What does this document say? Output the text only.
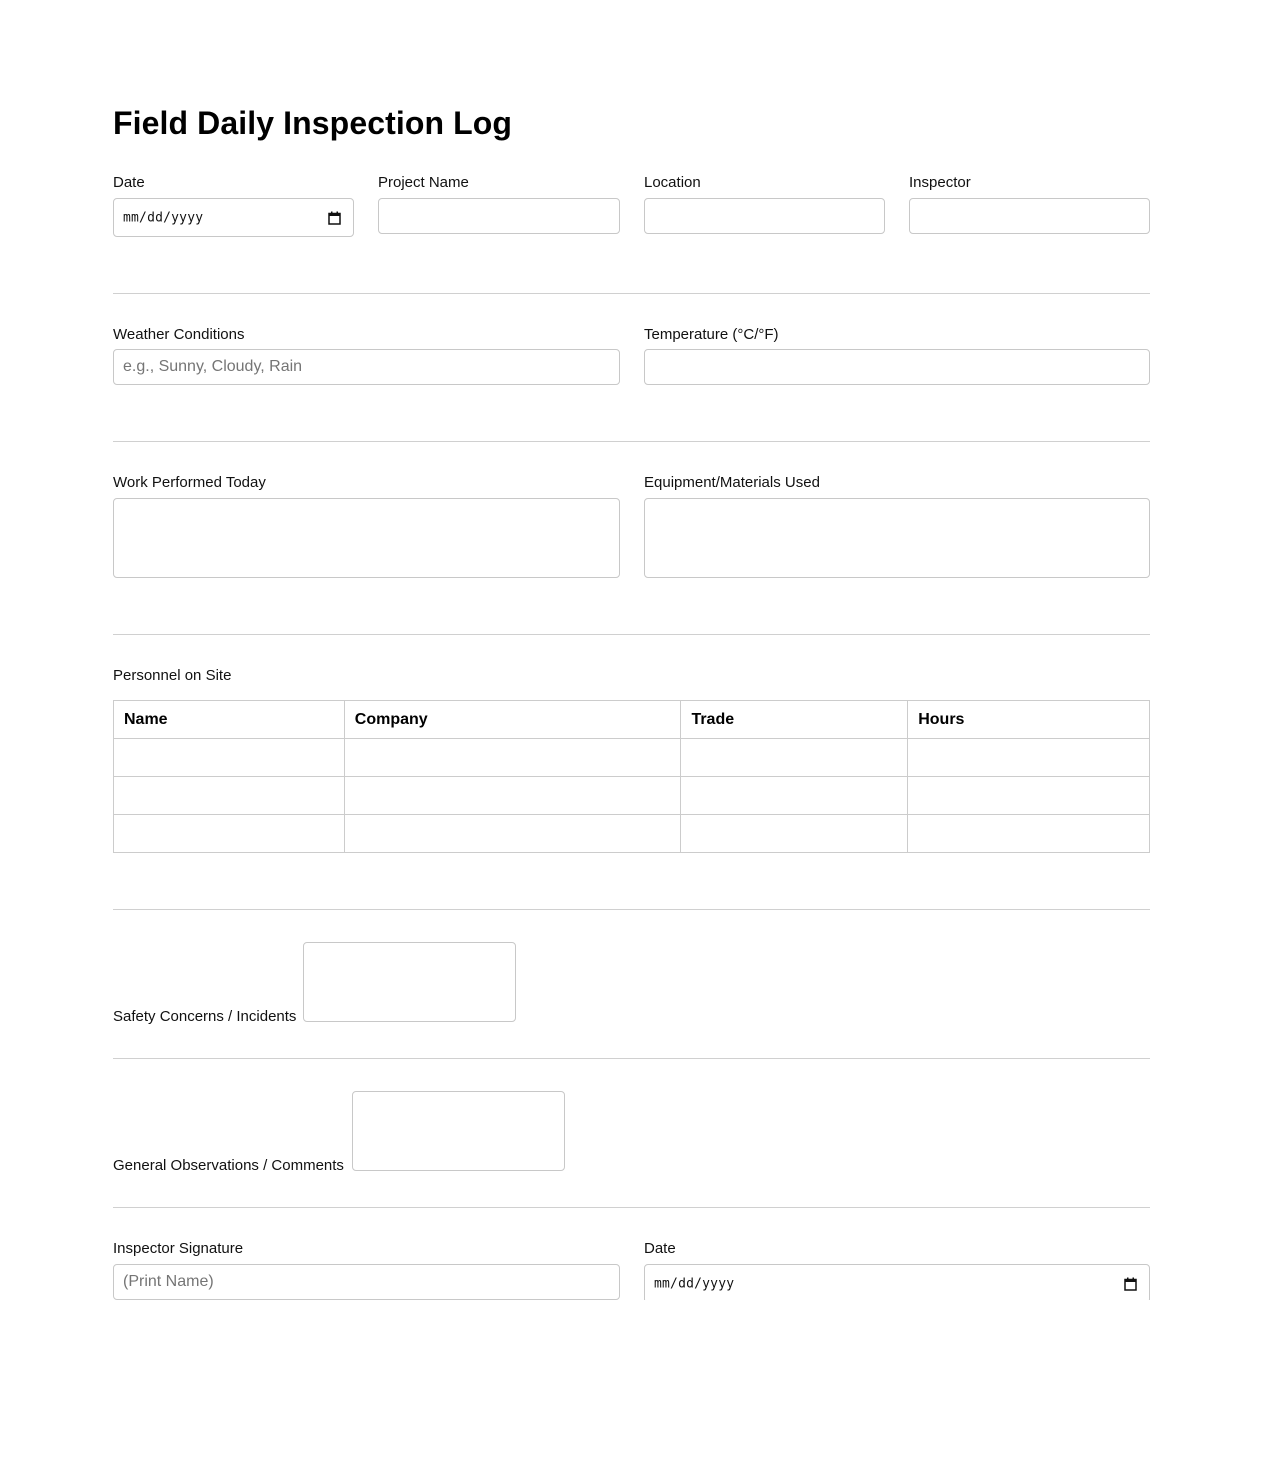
Field Daily Inspection Log
Date
mm/dd/yyyy
Project Name	Location	Inspector
Weather Conditions
e.g., Sunny, Cloudy, Rain
Temperature (°C/°F)
Work Performed Today	Equipment/Materials Used
Personnel on Site
Name	Company	Trade	Hours

Safety Concerns / Incidents
General Observations / Comments
Inspector Signature
(Print Name)
Date
mm/dd/yyyy
